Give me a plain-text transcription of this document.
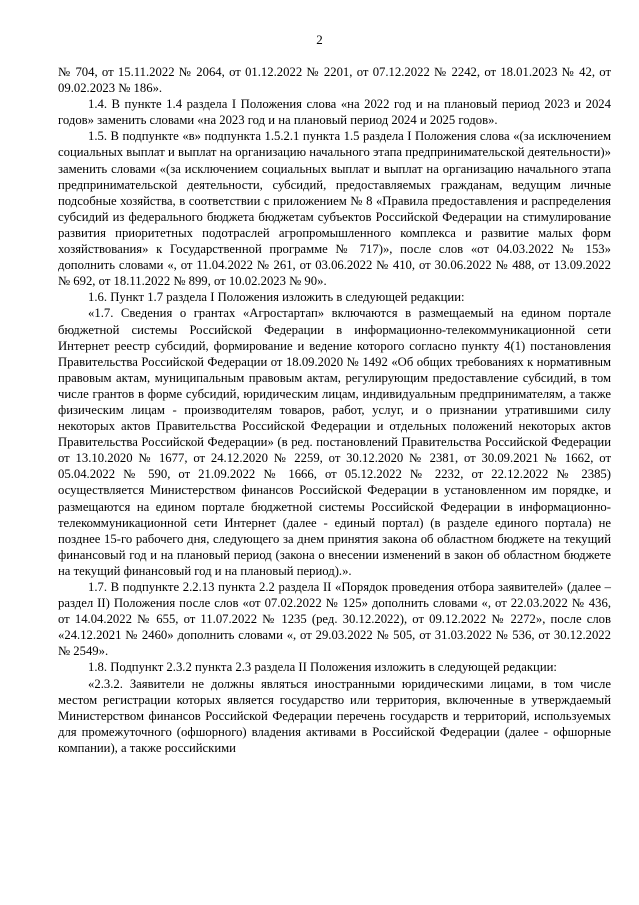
2

№ 704, от 15.11.2022 № 2064, от 01.12.2022 № 2201, от 07.12.2022 № 2242, от 18.01.2023 № 42, от 09.02.2023 № 186».

1.4. В пункте 1.4 раздела I Положения слова «на 2022 год и на плановый период 2023 и 2024 годов» заменить словами «на 2023 год и на плановый период 2024 и 2025 годов».

1.5. В подпункте «в» подпункта 1.5.2.1 пункта 1.5 раздела I Положения слова «(за исключением социальных выплат и выплат на организацию начального этапа предпринимательской деятельности)» заменить словами «(за исключением социальных выплат и выплат на организацию начального этапа предпринимательской деятельности, субсидий, предоставляемых гражданам, ведущим личные подсобные хозяйства, в соответствии с приложением № 8 «Правила предоставления и распределения субсидий из федерального бюджета бюджетам субъектов Российской Федерации на стимулирование развития приоритетных подотраслей агропромышленного комплекса и развитие малых форм хозяйствования» к Государственной программе № 717)», после слов «от 04.03.2022 № 153» дополнить словами «, от 11.04.2022 № 261, от 03.06.2022 № 410, от 30.06.2022 № 488, от 13.09.2022 № 692, от 18.11.2022 № 899, от 10.02.2023 № 90».

1.6. Пункт 1.7 раздела I Положения изложить в следующей редакции:

«1.7. Сведения о грантах «Агростартап» включаются в размещаемый на едином портале бюджетной системы Российской Федерации в информационно-телекоммуникационной сети Интернет реестр субсидий, формирование и ведение которого согласно пункту 4(1) постановления Правительства Российской Федерации от 18.09.2020 № 1492 «Об общих требованиях к нормативным правовым актам, муниципальным правовым актам, регулирующим предоставление субсидий, в том числе грантов в форме субсидий, юридическим лицам, индивидуальным предпринимателям, а также физическим лицам - производителям товаров, работ, услуг, и о признании утратившими силу некоторых актов Правительства Российской Федерации и отдельных положений некоторых актов Правительства Российской Федерации» (в ред. постановлений Правительства Российской Федерации от 13.10.2020 № 1677, от 24.12.2020 № 2259, от 30.12.2020 № 2381, от 30.09.2021 № 1662, от 05.04.2022 № 590, от 21.09.2022 № 1666, от 05.12.2022 № 2232, от 22.12.2022 № 2385) осуществляется Министерством финансов Российской Федерации в установленном им порядке, и размещаются на едином портале бюджетной системы Российской Федерации в информационно-телекоммуникационной сети Интернет (далее - единый портал) (в разделе единого портала) не позднее 15-го рабочего дня, следующего за днем принятия закона об областном бюджете на текущий финансовый год и на плановый период (закона о внесении изменений в закон об областном бюджете на текущий финансовый год и на плановый период).».

1.7. В подпункте 2.2.13 пункта 2.2 раздела II «Порядок проведения отбора заявителей» (далее – раздел II) Положения после слов «от 07.02.2022 № 125» дополнить словами «, от 22.03.2022 № 436, от 14.04.2022 № 655, от 11.07.2022 № 1235 (ред. 30.12.2022), от 09.12.2022 № 2272», после слов «24.12.2021 № 2460» дополнить словами «, от 29.03.2022 № 505, от 31.03.2022 № 536, от 30.12.2022 № 2549».

1.8. Подпункт 2.3.2 пункта 2.3 раздела II Положения изложить в следующей редакции:

«2.3.2. Заявители не должны являться иностранными юридическими лицами, в том числе местом регистрации которых является государство или территория, включенные в утверждаемый Министерством финансов Российской Федерации перечень государств и территорий, используемых для промежуточного (офшорного) владения активами в Российской Федерации (далее - офшорные компании), а также российскими
